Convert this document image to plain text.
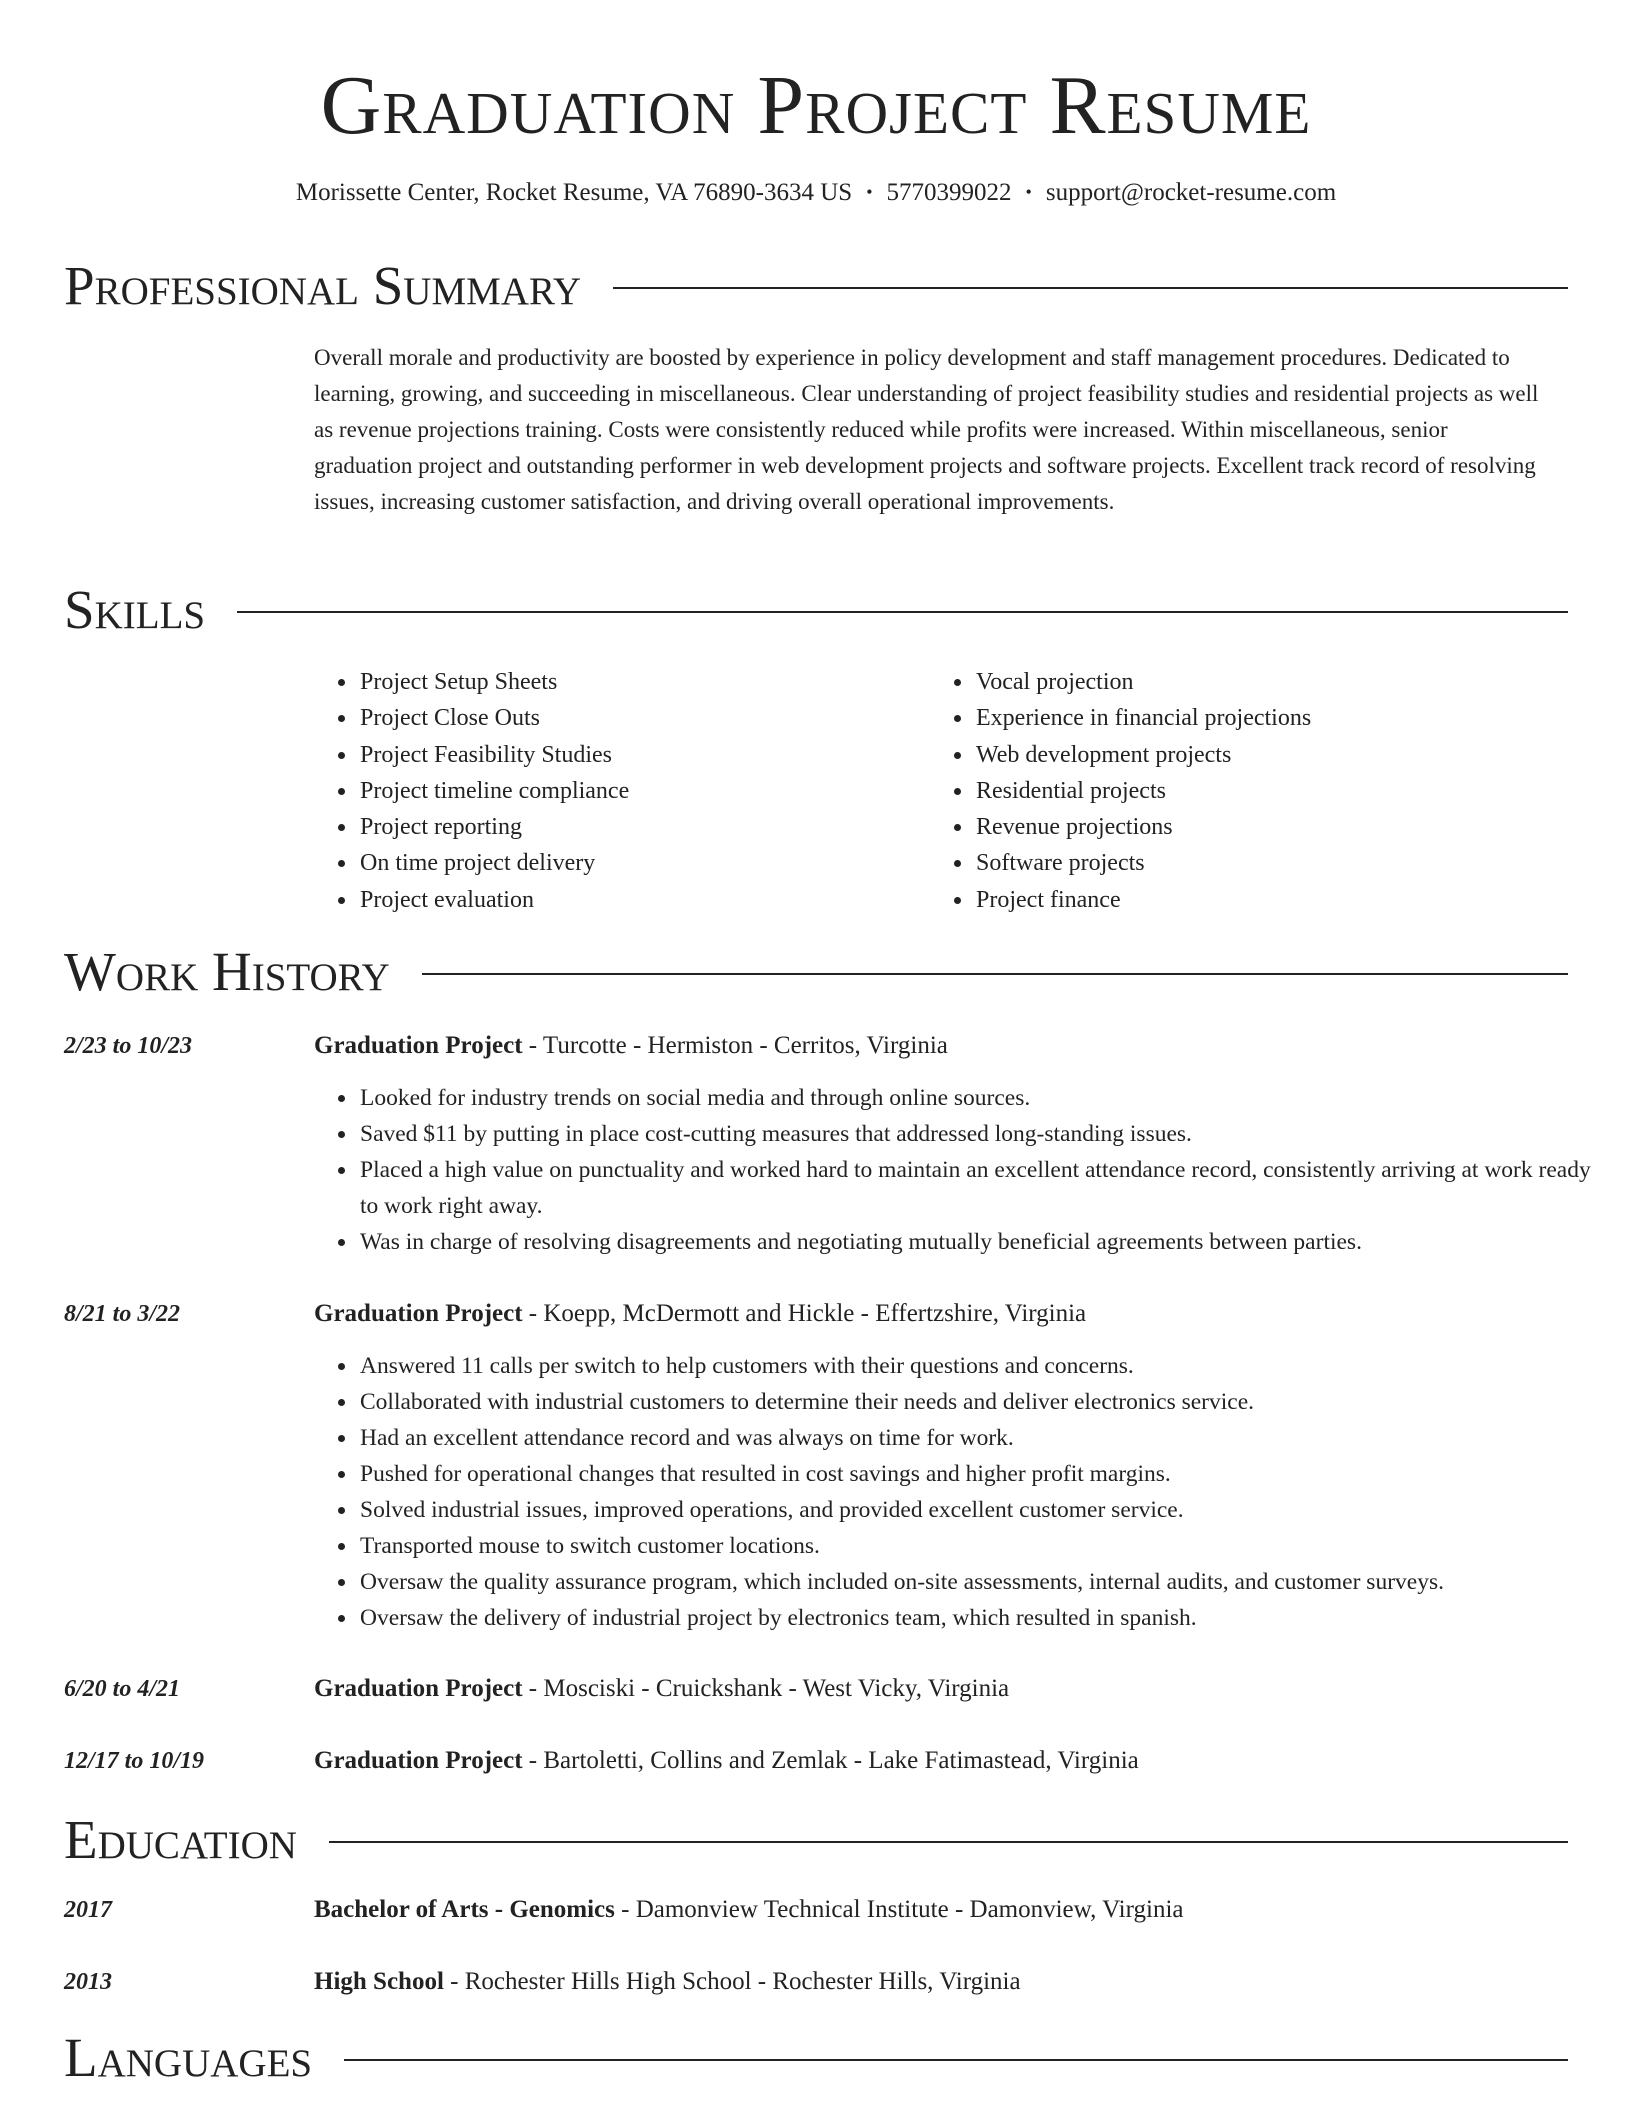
Graduation Project Resume
Morissette Center, Rocket Resume, VA 76890-3634 US • 5770399022 • support@rocket-resume.com
Professional Summary
Overall morale and productivity are boosted by experience in policy development and staff management procedures. Dedicated to learning, growing, and succeeding in miscellaneous. Clear understanding of project feasibility studies and residential projects as well as revenue projections training. Costs were consistently reduced while profits were increased. Within miscellaneous, senior graduation project and outstanding performer in web development projects and software projects. Excellent track record of resolving issues, increasing customer satisfaction, and driving overall operational improvements.
Skills
• Project Setup Sheets
• Project Close Outs
• Project Feasibility Studies
• Project timeline compliance
• Project reporting
• On time project delivery
• Project evaluation
• Vocal projection
• Experience in financial projections
• Web development projects
• Residential projects
• Revenue projections
• Software projects
• Project finance
Work History
2/23 to 10/23	Graduation Project - Turcotte - Hermiston - Cerritos, Virginia
• Looked for industry trends on social media and through online sources.
• Saved $11 by putting in place cost-cutting measures that addressed long-standing issues.
• Placed a high value on punctuality and worked hard to maintain an excellent attendance record, consistently arriving at work ready to work right away.
• Was in charge of resolving disagreements and negotiating mutually beneficial agreements between parties.
8/21 to 3/22	Graduation Project - Koepp, McDermott and Hickle - Effertzshire, Virginia
• Answered 11 calls per switch to help customers with their questions and concerns.
• Collaborated with industrial customers to determine their needs and deliver electronics service.
• Had an excellent attendance record and was always on time for work.
• Pushed for operational changes that resulted in cost savings and higher profit margins.
• Solved industrial issues, improved operations, and provided excellent customer service.
• Transported mouse to switch customer locations.
• Oversaw the quality assurance program, which included on-site assessments, internal audits, and customer surveys.
• Oversaw the delivery of industrial project by electronics team, which resulted in spanish.
6/20 to 4/21	Graduation Project - Mosciski - Cruickshank - West Vicky, Virginia
12/17 to 10/19	Graduation Project - Bartoletti, Collins and Zemlak - Lake Fatimastead, Virginia
Education
2017	Bachelor of Arts - Genomics - Damonview Technical Institute - Damonview, Virginia
2013	High School - Rochester Hills High School - Rochester Hills, Virginia
Languages
